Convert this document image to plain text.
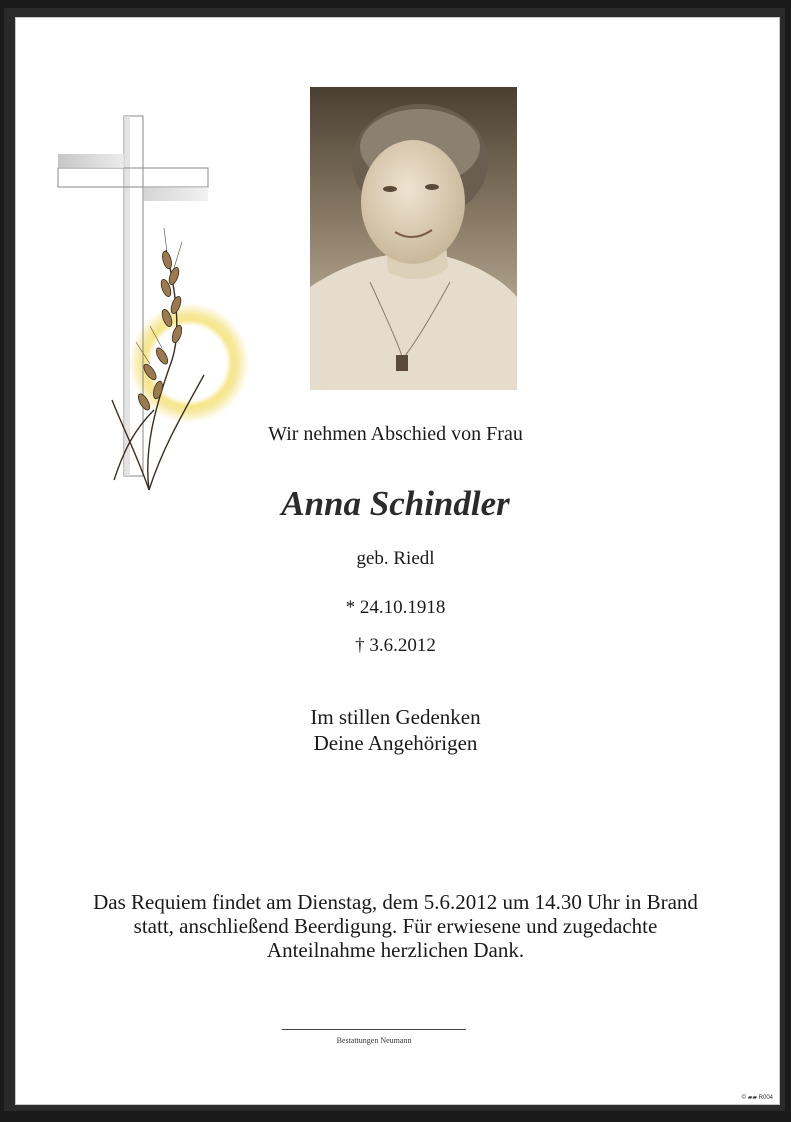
Wir nehmen Abschied von Frau
Anna Schindler
geb. Riedl
* 24.10.1918
† 3.6.2012
Im stillen Gedenken
Deine Angehörigen
Das Requiem findet am Dienstag, dem 5.6.2012 um 14.30 Uhr in Brand
statt, anschließend Beerdigung. Für erwiesene und zugedachte
Anteilnahme herzlichen Dank.
Bestattungen Neumann
© ▰▰ R004
